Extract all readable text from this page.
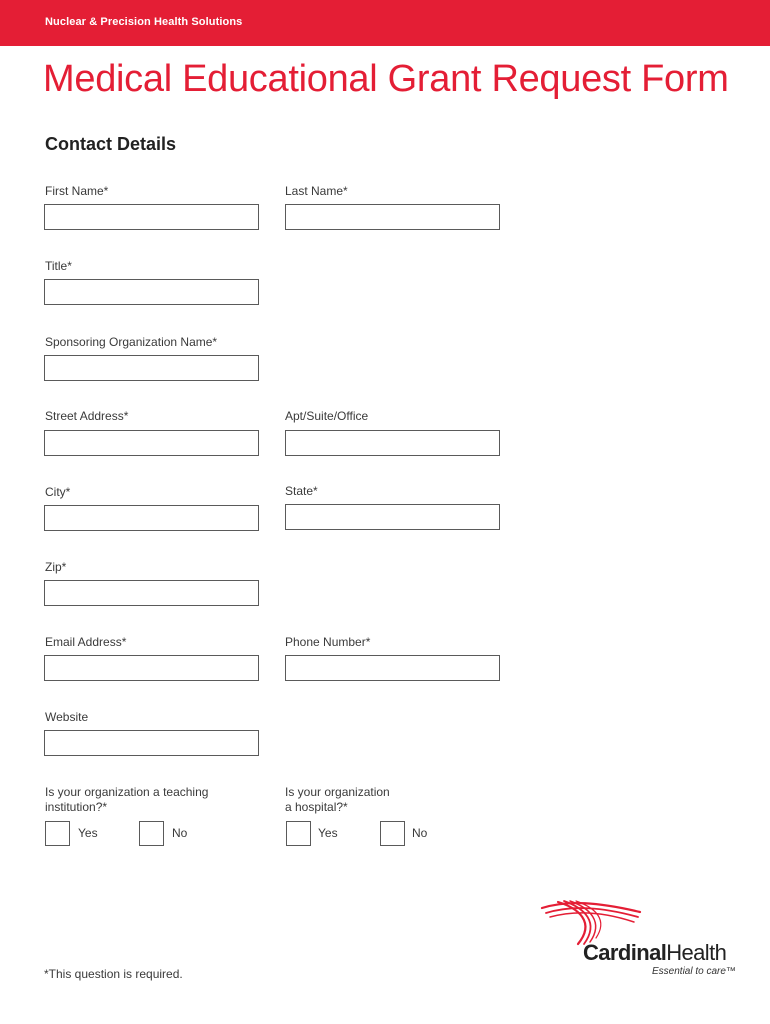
Nuclear & Precision Health Solutions
Medical Educational Grant Request Form
Contact Details
First Name*	Last Name*
Title*
Sponsoring Organization Name*
Street Address*	Apt/Suite/Office
City*	State*
Zip*
Email Address*	Phone Number*
Website
Is your organization a teaching institution?*
Yes	No
Is your organization a hospital?*
Yes	No
*This question is required.
CardinalHealth
Essential to care™
